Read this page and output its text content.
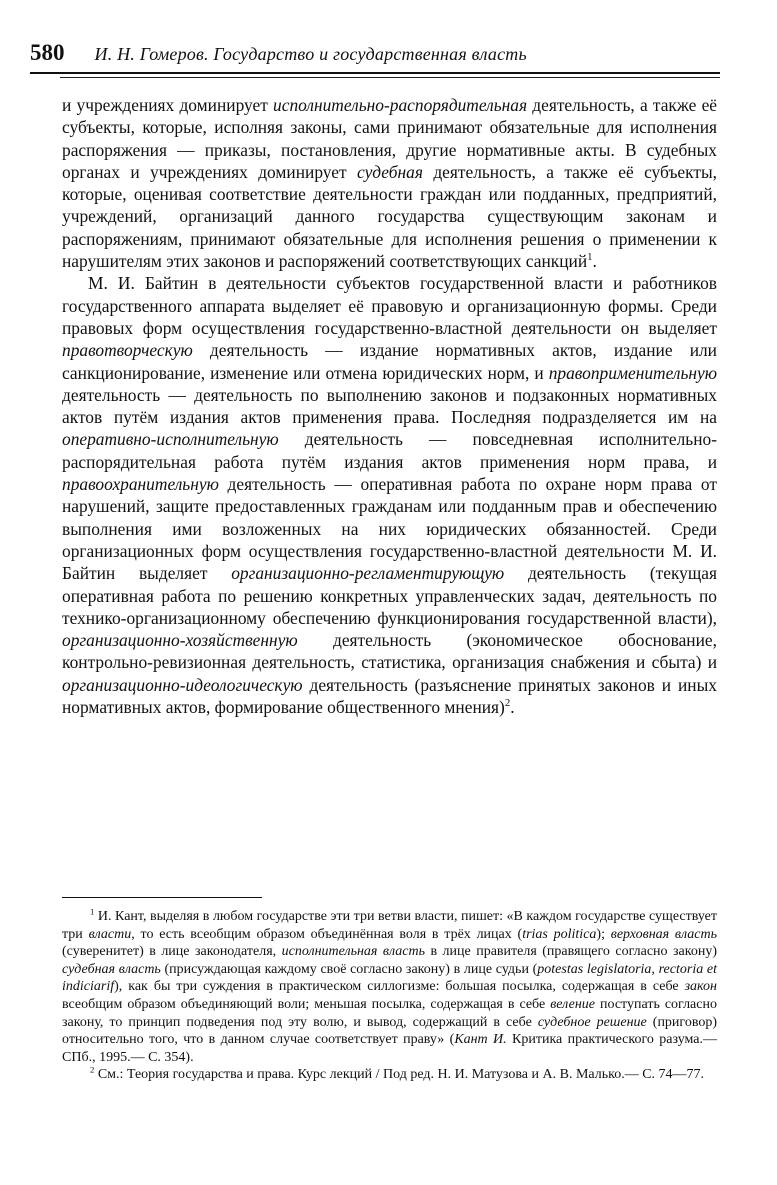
580 И. Н. Гомеров. Государство и государственная власть

и учреждениях доминирует исполнительно-распорядительная деятельность, а также её субъекты, которые, исполняя законы, сами принимают обязательные для исполнения распоряжения — приказы, постановления, другие нормативные акты. В судебных органах и учреждениях доминирует судебная деятельность, а также её субъекты, которые, оценивая соответствие деятельности граждан или подданных, предприятий, учреждений, организаций данного государства существующим законам и распоряжениям, принимают обязательные для исполнения решения о применении к нарушителям этих законов и распоряжений соответствующих санкций$^1$.

М. И. Байтин в деятельности субъектов государственной власти и работников государственного аппарата выделяет её правовую и организационную формы. Среди правовых форм осуществления государственно-властной деятельности он выделяет правотворческую деятельность — издание нормативных актов, издание или санкционирование, изменение или отмена юридических норм, и правоприменительную деятельность — деятельность по выполнению законов и подзаконных нормативных актов путём издания актов применения права. Последняя подразделяется им на оперативно-исполнительную деятельность — повседневная исполнительно-распорядительная работа путём издания актов применения норм права, и правоохранительную деятельность — оперативная работа по охране норм права от нарушений, защите предоставленных гражданам или подданным прав и обеспечению выполнения ими возложенных на них юридических обязанностей. Среди организационных форм осуществления государственно-властной деятельности М. И. Байтин выделяет организационно-регламентирующую деятельность (текущая оперативная работа по решению конкретных управленческих задач, деятельность по технико-организационному обеспечению функционирования государственной власти), организационно-хозяйственную деятельность (экономическое обоснование, контрольно-ревизионная деятельность, статистика, организация снабжения и сбыта) и организационно-идеологическую деятельность (разъяснение принятых законов и иных нормативных актов, формирование общественного мнения)$^2$.

$^1$ И. Кант, выделяя в любом государстве эти три ветви власти, пишет: «В каждом государстве существует три власти, то есть всеобщим образом объединённая воля в трёх лицах (trias politica); верховная власть (суверенитет) в лице законодателя, исполнительная власть в лице правителя (правящего согласно закону) судебная власть (присуждающая каждому своё согласно закону) в лице судьи (potestas legislatoria, rectoria et indiciarif), как бы три суждения в практическом силлогизме: большая посылка, содержащая в себе закон всеобщим образом объединяющий воли; меньшая посылка, содержащая в себе веление поступать согласно закону, то принцип подведения под эту волю, и вывод, содержащий в себе судебное решение (приговор) относительно того, что в данном случае соответствует праву» (Кант И. Критика практического разума.— СПб., 1995.— С. 354).

$^2$ См.: Теория государства и права. Курс лекций / Под ред. Н. И. Матузова и А. В. Малько.— С. 74—77.
